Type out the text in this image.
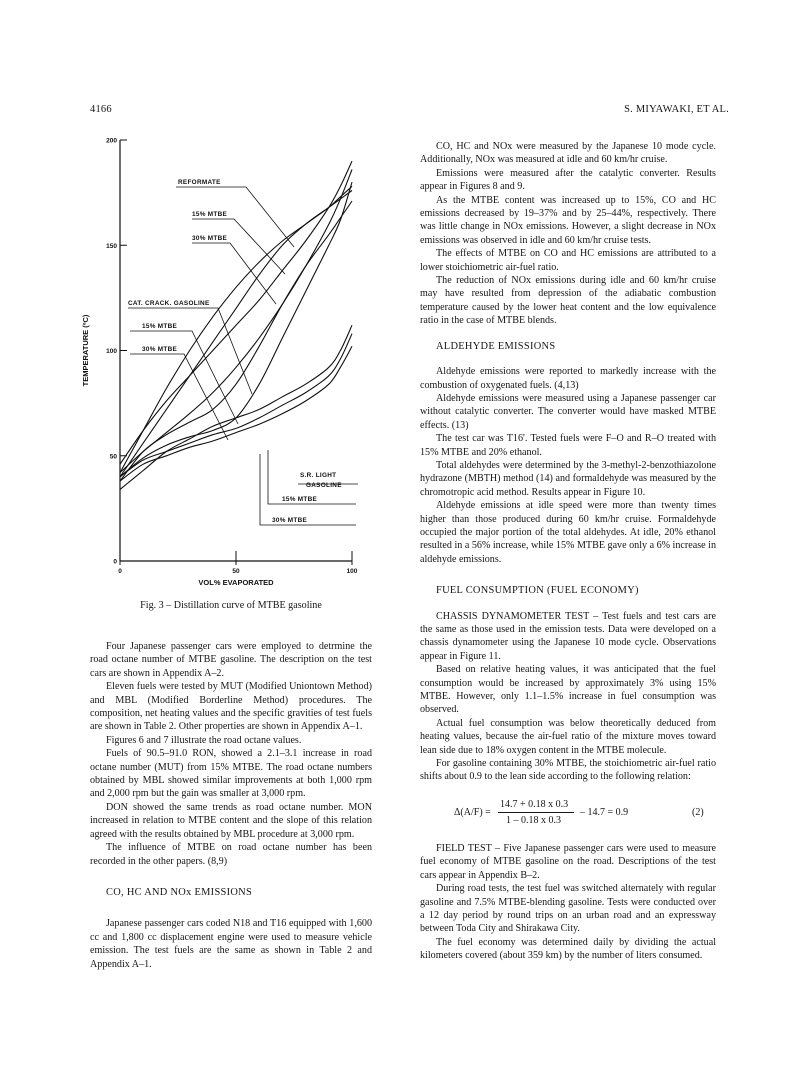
4166	S. MIYAWAKI, ET AL.
0
50
100
150
200
0	50	100
VOL% EVAPORATED
TEMPERATURE (ºC)
REFORMATE
15% MTBE
30% MTBE
CAT. CRACK. GASOLINE
15% MTBE
30% MTBE
S.R. LIGHT
GASOLINE
15% MTBE
30% MTBE
Fig. 3 – Distillation curve of MTBE gasoline

Four Japanese passenger cars were employed to detrmine the road octane number of MTBE gasoline. The description on the test cars are shown in Appendix A–2.

Eleven fuels were tested by MUT (Modified Uniontown Method) and MBL (Modified Borderline Method) procedures. The composition, net heating values and the specific gravities of test fuels are shown in Table 2. Other properties are shown in Appendix A–1.

Figures 6 and 7 illustrate the road octane values.

Fuels of 90.5–91.0 RON, showed a 2.1–3.1 increase in road octane number (MUT) from 15% MTBE. The road octane numbers obtained by MBL showed similar improvements at both 1,000 rpm and 2,000 rpm but the gain was smaller at 3,000 rpm.

DON showed the same trends as road octane number. MON increased in relation to MTBE content and the slope of this relation agreed with the results obtained by MBL procedure at 3,000 rpm.

The influence of MTBE on road octane number has been recorded in the other papers. (8,9)

CO, HC AND NOx EMISSIONS

Japanese passenger cars coded N18 and T16 equipped with 1,600 cc and 1,800 cc displacement engine were used to measure vehicle emission. The test fuels are the same as shown in Table 2 and Appendix A–1.

CO, HC and NOx were measured by the Japanese 10 mode cycle. Additionally, NOx was measured at idle and 60 km/hr cruise.

Emissions were measured after the catalytic converter. Results appear in Figures 8 and 9.

As the MTBE content was increased up to 15%, CO and HC emissions decreased by 19–37% and by 25–44%, respectively. There was little change in NOx emissions. However, a slight decrease in NOx emissions was observed in idle and 60 km/hr cruise tests.

The effects of MTBE on CO and HC emissions are attributed to a lower stoichiometric air-fuel ratio.

The reduction of NOx emissions during idle and 60 km/hr cruise may have resulted from depression of the adiabatic combustion temperature caused by the lower heat content and the low equivalence ratio in the case of MTBE blends.

ALDEHYDE EMISSIONS

Aldehyde emissions were reported to markedly increase with the combustion of oxygenated fuels. (4,13)

Aldehyde emissions were measured using a Japanese passenger car without catalytic converter. The converter would have masked MTBE effects. (13)

The test car was T16'. Tested fuels were F–O and R–O treated with 15% MTBE and 20% ethanol.

Total aldehydes were determined by the 3-methyl-2-benzothiazolone hydrazone (MBTH) method (14) and formaldehyde was measured by the chromotropic acid method. Results appear in Figure 10.

Aldehyde emissions at idle speed were more than twenty times higher than those produced during 60 km/hr cruise. Formaldehyde occupied the major portion of the total aldehydes. At idle, 20% ethanol resulted in a 56% increase, while 15% MTBE gave only a 6% increase in aldehyde emissions.

FUEL CONSUMPTION (FUEL ECONOMY)

CHASSIS DYNAMOMETER TEST – Test fuels and test cars are the same as those used in the emission tests. Data were developed on a chassis dynamometer using the Japanese 10 mode cycle. Observations appear in Figure 11.

Based on relative heating values, it was anticipated that the fuel consumption would be increased by approximately 3% using 15% MTBE. However, only 1.1–1.5% increase in fuel consumption was observed.

Actual fuel consumption was below theoretically deduced from heating values, because the air-fuel ratio of the mixture moves toward lean side due to 18% oxygen content in the MTBE molecule.

For gasoline containing 30% MTBE, the stoichiometric air-fuel ratio shifts about 0.9 to the lean side according to the following relation:

Δ(A/F) =
14.7 + 0.18 x 0.3
1 – 0.18 x 0.3
– 14.7 = 0.9	(2)

FIELD TEST – Five Japanese passenger cars were used to measure fuel economy of MTBE gasoline on the road. Descriptions of the test cars appear in Appendix B–2.

During road tests, the test fuel was switched alternately with regular gasoline and 7.5% MTBE-blending gasoline. Tests were conducted over a 12 day period by round trips on an urban road and an expressway between Toda City and Shirakawa City.

The fuel economy was determined daily by dividing the actual kilometers covered (about 359 km) by the number of liters consumed.
